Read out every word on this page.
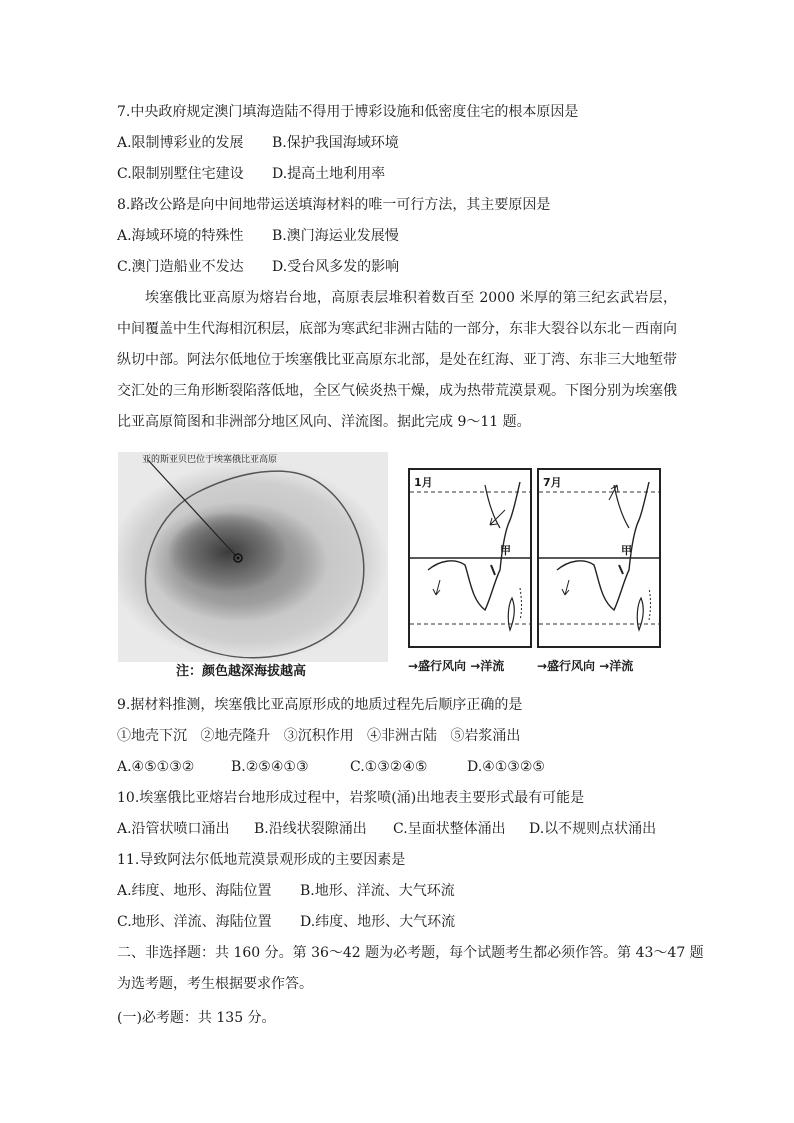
7.中央政府规定澳门填海造陆不得用于博彩设施和低密度住宅的根本原因是
A.限制博彩业的发展 B.保护我国海域环境
C.限制别墅住宅建设 D.提高土地利用率
8.路改公路是向中间地带运送填海材料的唯一可行方法，其主要原因是
A.海域环境的特殊性 B.澳门海运业发展慢
C.澳门造船业不发达 D.受台风多发的影响
埃塞俄比亚高原为熔岩台地，高原表层堆积着数百至 2000 米厚的第三纪玄武岩层，中间覆盖中生代海相沉积层，底部为寒武纪非洲古陆的一部分，东非大裂谷以东北－西南向纵切中部。阿法尔低地位于埃塞俄比亚高原东北部，是处在红海、亚丁湾、东非三大地堑带交汇处的三角形断裂陷落低地，全区气候炎热干燥，成为热带荒漠景观。下图分别为埃塞俄比亚高原简图和非洲部分地区风向、洋流图。据此完成 9～11 题。
亚的斯亚贝巴位于埃塞俄比亚高原
注：颜色越深海拔越高
1月
甲
7月
甲
→盛行风向 →洋流	→盛行风向 →洋流
9.据材料推测，埃塞俄比亚高原形成的地质过程先后顺序正确的是
①地壳下沉   ②地壳隆升   ③沉积作用   ④非洲古陆   ⑤岩浆涌出
A.④⑤①③②	B.②⑤④①③	C.①③②④⑤	D.④①③②⑤
10.埃塞俄比亚熔岩台地形成过程中，岩浆喷(涌)出地表主要形式最有可能是
A.沿管状喷口涌出 B.沿线状裂隙涌出 C.呈面状整体涌出 D.以不规则点状涌出
11.导致阿法尔低地荒漠景观形成的主要因素是
A.纬度、地形、海陆位置 B.地形、洋流、大气环流
C.地形、洋流、海陆位置 D.纬度、地形、大气环流
二、非选择题：共 160 分。第 36～42 题为必考题，每个试题考生都必须作答。第 43～47 题
为选考题，考生根据要求作答。
(一)必考题：共 135 分。
